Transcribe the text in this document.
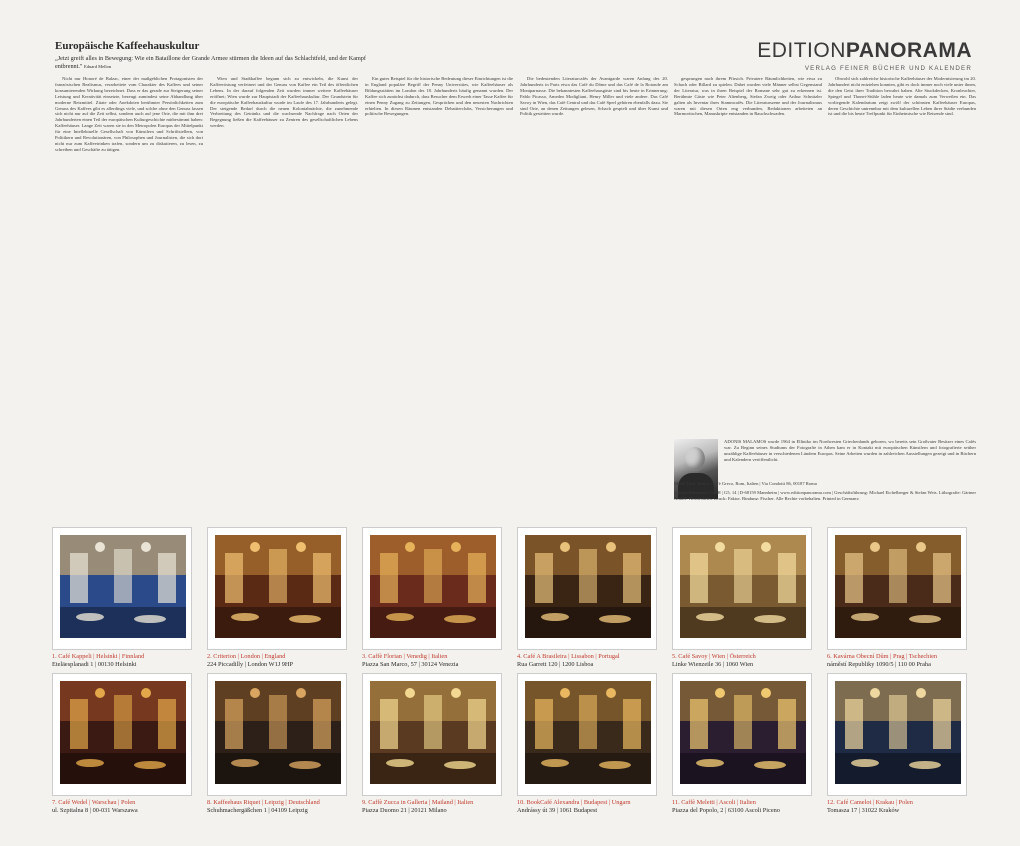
Europäische Kaffeehauskultur
„Jetzt greift alles in Bewegung: Wie ein Bataillone der Grande Armee stürmen die Ideen auf das Schlachtfeld, und der Kampf entbrennt." Eduard Mellon
EDITIONPANORAMA
VERLAG FEINER BÜCHER UND KALENDER

Nicht nur Honoré de Balzac, einer der maßgeblichen Protagonisten der französischen Realismus, verarbeitete vom Charakter des Kaffees und seiner konsumierenden Wirkung bezeichnet. Dass er das gerade zur Steigerung seiner Leistung und Kreativität einsetzte, bezeugt zumindest seine Abhandlung über moderne Reizmittel. Zitate oder Anekdoten berühmter Persönlichkeiten zum Genuss des Kaffees gibt es allerdings viele, und solche ohne den Genuss lassen sich nicht nur auf die Zeit selbst, sondern auch auf jene Orte, die mit ihm drei Jahrhunderten einen Teil der europäischen Kulturgeschichte mitbestimmt haben: Kaffeehäuser. Lange Zeit waren sie in den Metropolen Europas der Mittelpunkt für eine Intellektuelle Gesellschaft von Künstlern und Schriftstellern, von Politikern und Revolutionären, von Philosophen und Journalisten, die sich dort nicht nur zum Kaffeetrinken trafen, sondern um zu diskutieren, zu lesen, zu schreiben und Geschäfte zu tätigen.

Wien und Stadtkaffee begann sich zu entwickeln, die Kunst der Kaffeeröstung verfeinert und der Genuss von Kaffee ein Teil des öffentlichen Lebens. In der darauf folgenden Zeit wurden immer weitere Kaffeehäuser eröffnet; Wien wurde zur Hauptstadt der Kaffeehauskultur. Der Grundstein für die europäische Kaffeehauskultur wurde im Laufe des 17. Jahrhunderts gelegt. Der steigende Bedarf durch die neuen Kolonialmächte, die zunehmende Verbreitung des Getränks und die wachsende Nachfrage nach Orten der Begegnung ließen die Kaffeehäuser zu Zentren des gesellschaftlichen Lebens werden.

Ein gutes Beispiel für die historische Bedeutung dieser Einrichtungen ist die in England populäre Begriff der Penny Universities, wie Kaffeehäuser als Bildungsstätten im London des 18. Jahrhunderts häufig genannt wurden. Der Kaffee sich zunächst dadurch, dass Besucher dem Erwerb einer Tasse Kaffee für einen Penny Zugang zu Zeitungen, Gesprächen und den neuesten Nachrichten erhielten. In diesen Räumen entstanden Debattierclubs, Versicherungen und politische Bewegungen.

Die bedeutenden Literaturcafés der Avantgarde waren Anfang des 20. Jahrhunderts in Paris etwa das Café du Dôme und das Café de la Rotonde am Montparnasse. Die bekanntesten Kaffeehausgäste sind bis heute in Erinnerung: Pablo Picasso, Amedeo Modigliani, Henry Miller und viele andere. Das Café Savoy in Wien, das Café Central und das Café Sperl gehören ebenfalls dazu. Sie sind Orte, an denen Zeitungen gelesen, Schach gespielt und über Kunst und Politik gestritten wurde.

gesprungen nach ihrem Pfirsich. Privatere Räumlichkeiten, wie etwa zu Schach oder Billard zu spielen. Dabei wurden viele Männer selbst Gegenstand der Literatur, was in ihren Beispiel der Romane sehr gut zu erkennen ist. Berühmte Gäste wie Peter Altenberg, Stefan Zweig oder Arthur Schnitzler galten als Inventar ihres Stammcafés. Die Literaturszene und der Journalismus waren mit diesen Orten eng verbunden, Redaktionen arbeiteten an Marmortischen, Manuskripte entstanden in Rauchschwaden.

Obwohl sich zahlreiche historische Kaffeehäuser der Modernisierung im 20. Jahrhundert nicht entziehen konnten, gibt es doch immer noch viele unter ihnen, die den Geist ihrer Tradition bewahrt haben. Alte Stuckdecken, Kronleuchter, Spiegel und Thonet-Stühle laden heute wie damals zum Verweilen ein. Das vorliegende Kalendarium zeigt zwölf der schönsten Kaffeehäuser Europas, deren Geschichte untrennbar mit dem kulturellen Leben ihrer Städte verbunden ist und die bis heute Treffpunkt für Einheimische wie Reisende sind.

ADONIS MALAMOS wurde 1964 in Elliniko im Nordwesten Griechenlands geboren, wo bereits sein Großvater Besitzer eines Cafés war. Zu Beginn seines Studiums der Fotografie in Athen kam er in Kontakt mit europäischen Künstlern und fotografierte seither unzählige Kaffeehäuser in verschiedenen Ländern Europas. Seine Arbeiten wurden in zahlreichen Ausstellungen gezeigt und in Büchern und Kalendern veröffentlicht.
Motiv Titel: Antico Caffè Greco, Rom, Italien | Via Condotti 86, 00187 Roma
Edition Panorama GmbH | G5, 14 | D-68159 Mannheim | www.editionpanorama.com | Geschäftsführung: Michael Eichelberger & Stefan Weis. Lithografie: Gärtner GmbH, Heddesheim. Druck: Faktor. Bindung: Fischer. Alle Rechte vorbehalten. Printed in Germany.
1. Café Kappeli | Helsinki | Finnland
Eteläesplanadi 1 | 00130 Helsinki
2. Criterion | London | England
224 Piccadilly | London W1J 9HP
3. Caffè Florian | Venedig | Italien
Piazza San Marco, 57 | 30124 Venezia
4. Café A Brasileira | Lissabon | Portugal
Rua Garrett 120 | 1200 Lisboa
5. Café Savoy | Wien | Österreich
Linke Wienzeile 36 | 1060 Wien
6. Kavárna Obecní Dům | Prag | Tschechien
náměstí Republiky 1090/5 | 110 00 Praha
7. Café Wedel | Warschau | Polen
ul. Szpitalna 8 | 00-031 Warszawa
8. Kaffeehaus Riquet | Leipzig | Deutschland
Schuhmachergäßchen 1 | 04109 Leipzig
9. Caffè Zucca in Galleria | Mailand | Italien
Piazza Duomo 21 | 20121 Milano
10. BookCafé Alexandra | Budapest | Ungarn
Andrássy út 39 | 1061 Budapest
11. Caffè Meletti | Ascoli | Italien
Piazza del Popolo, 2 | 63100 Ascoli Piceno
12. Café Camelot | Krakau | Polen
Tomasza 17 | 31022 Kraków
